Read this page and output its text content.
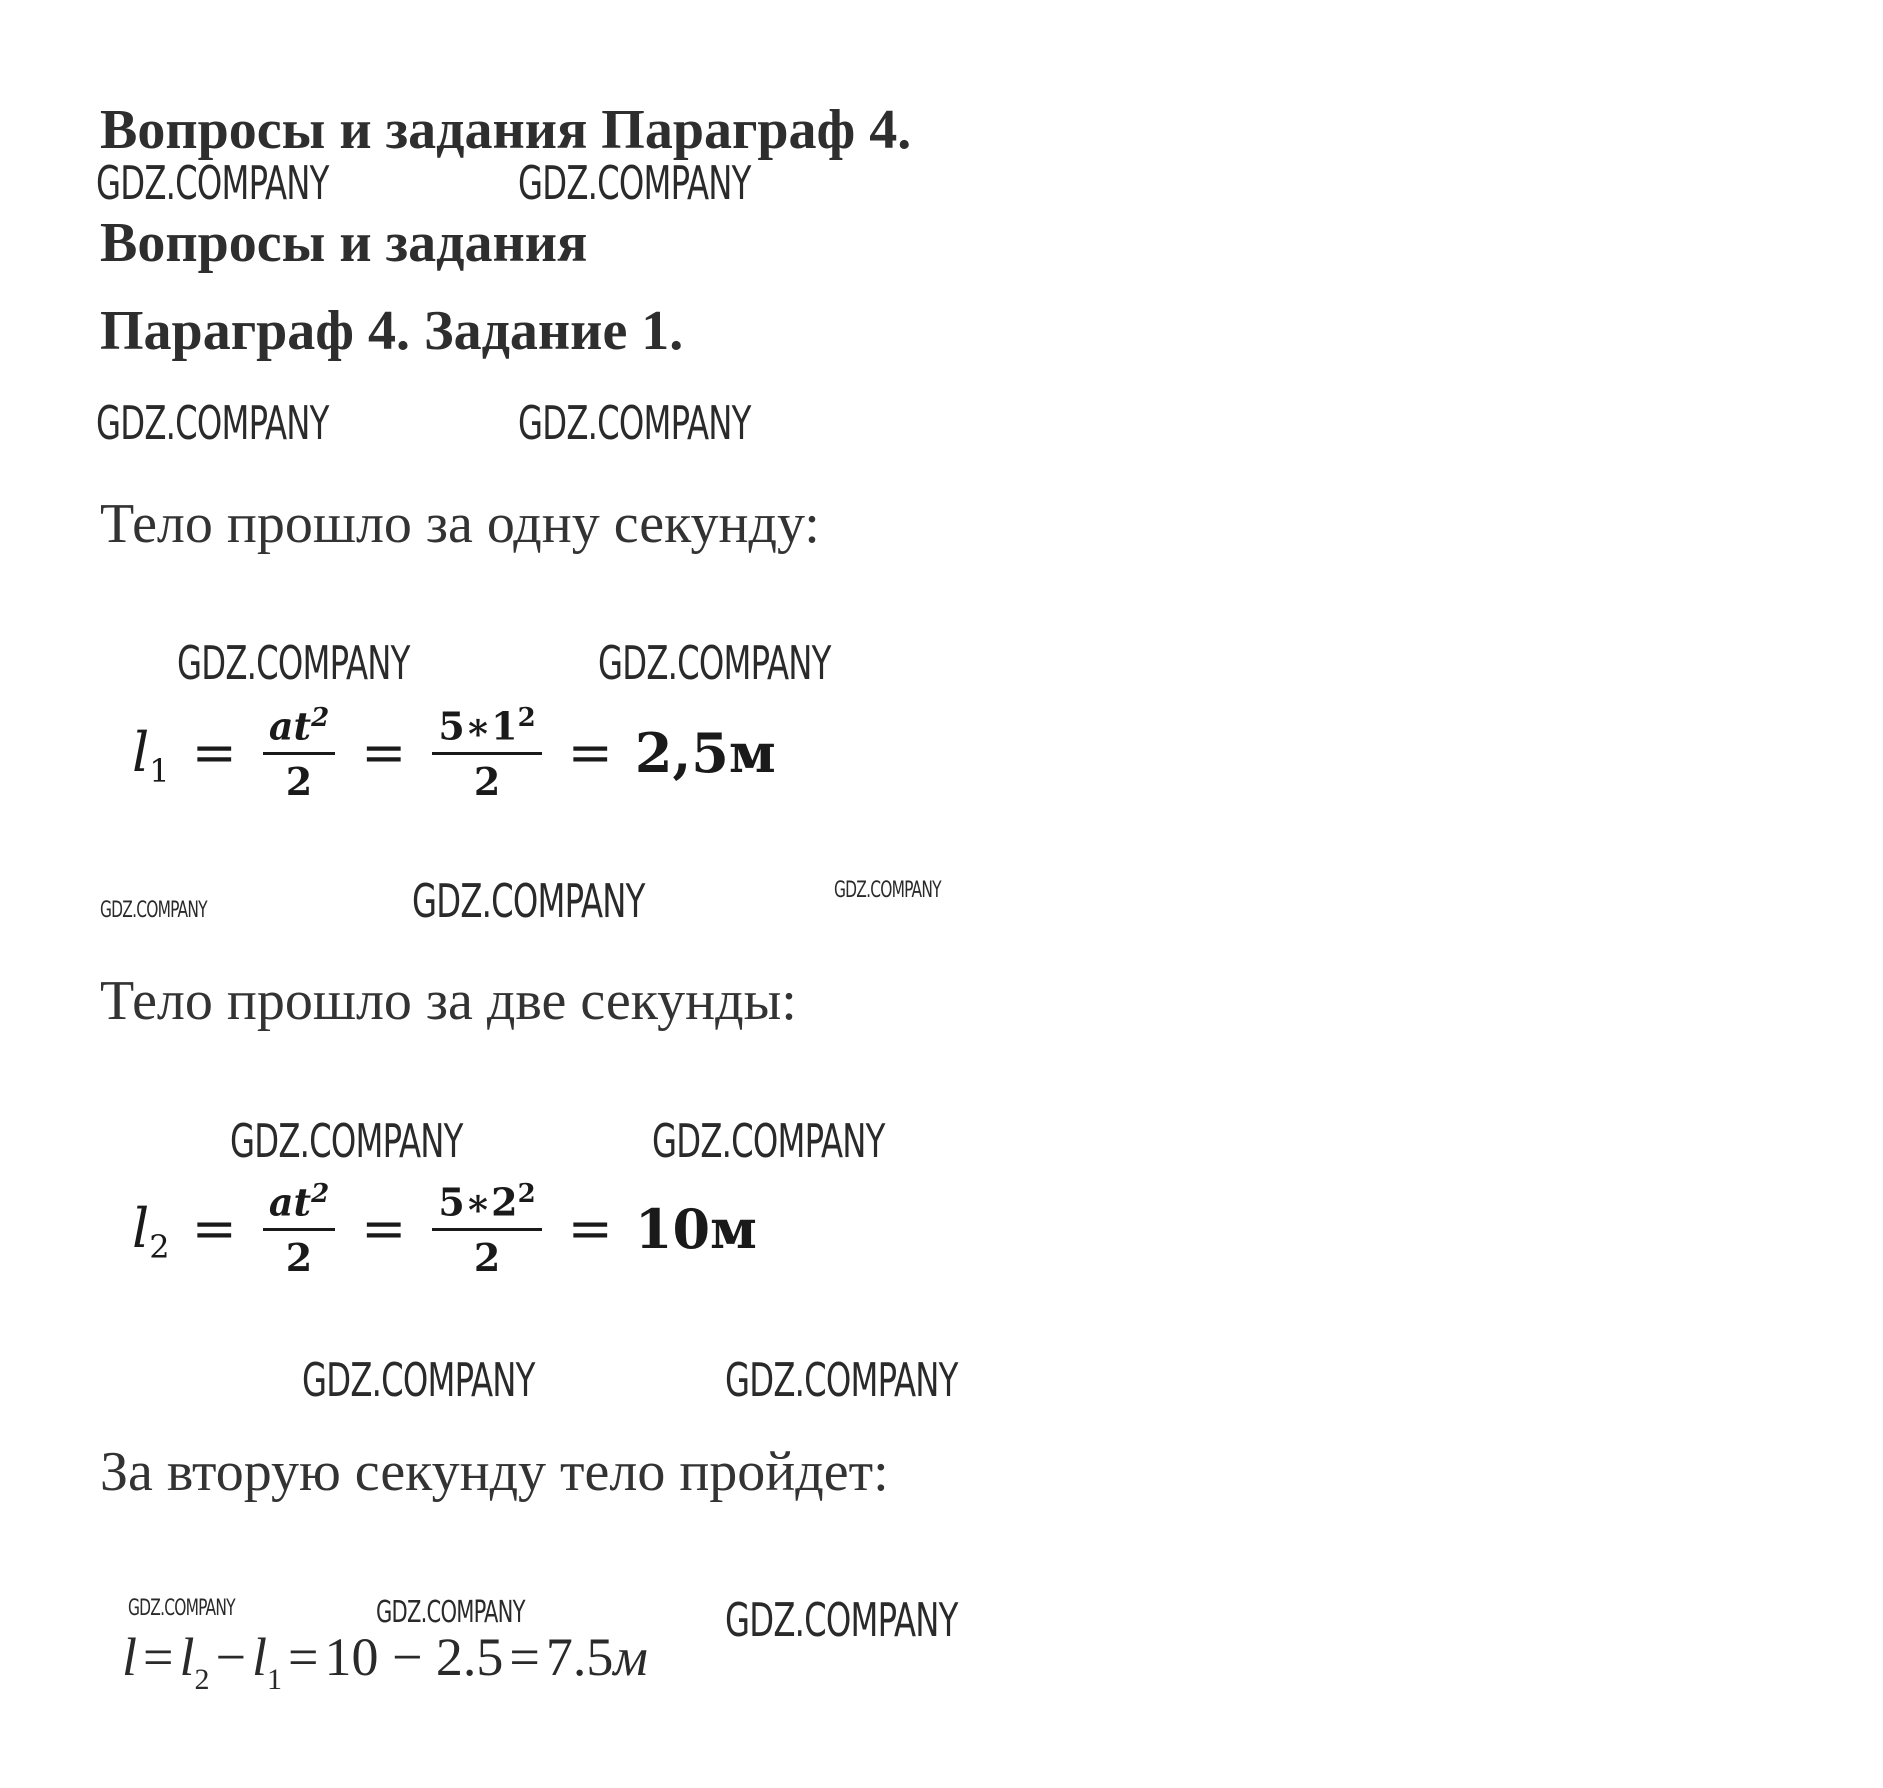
Вопросы и задания Параграф 4.
Вопросы и задания
Параграф 4. Задание 1.
GDZ.COMPANY	GDZ.COMPANY
GDZ.COMPANY	GDZ.COMPANY
GDZ.COMPANY	GDZ.COMPANY
GDZ.COMPANY	GDZ.COMPANY	GDZ.COMPANY
GDZ.COMPANY	GDZ.COMPANY
GDZ.COMPANY	GDZ.COMPANY
GDZ.COMPANY	GDZ.COMPANY	GDZ.COMPANY
Тело прошло за одну секунду:
l $1 = \frac{at^2}{2} = \frac{5∗1^2}{2} = 2,5м$
Тело прошло за две секунды:
l $2 = \frac{at^2}{2} = \frac{5∗2^2}{2} = 10м$
За вторую секунду тело пройдет:
l = l 2 − l 1 = 10 − 2.5 = 7.5 м
